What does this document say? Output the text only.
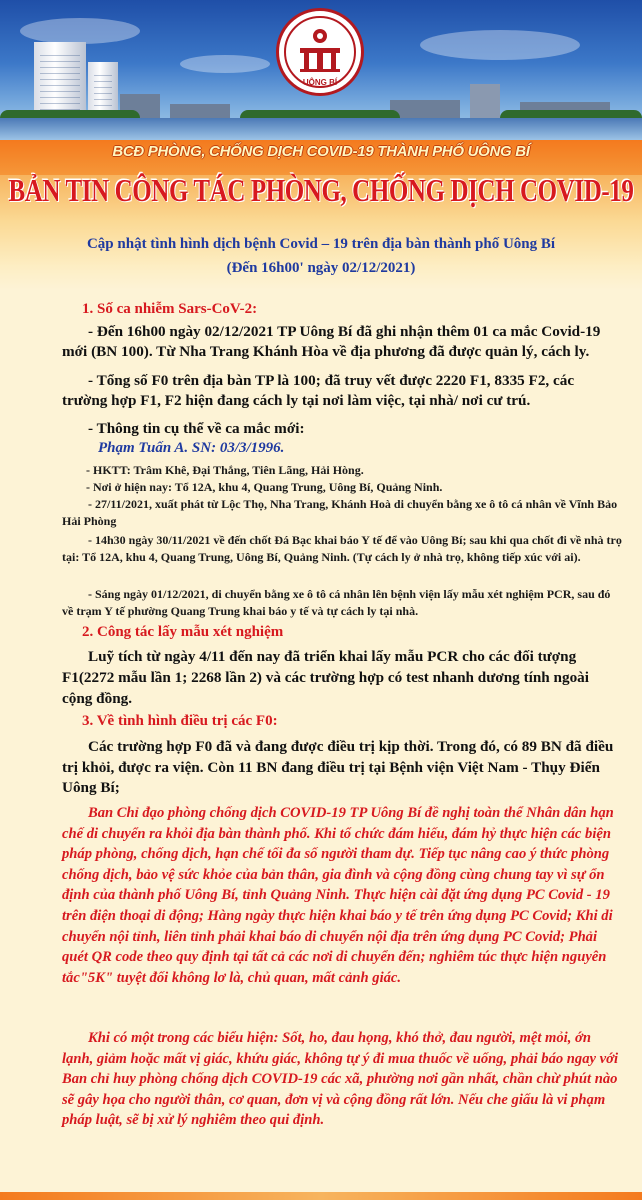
UÔNG BÍ
BCĐ PHÒNG, CHỐNG DỊCH COVID-19 THÀNH PHỐ UÔNG BÍ
BẢN TIN CÔNG TÁC PHÒNG, CHỐNG DỊCH COVID-19
Cập nhật tình hình dịch bệnh Covid – 19 trên địa bàn thành phố Uông Bí
(Đến 16h00' ngày 02/12/2021)
1. Số ca nhiễm Sars-CoV-2:

- Đến 16h00 ngày 02/12/2021 TP Uông Bí đã ghi nhận thêm 01 ca mắc Covid-19 mới (BN 100). Từ Nha Trang Khánh Hòa về địa phương đã được quản lý, cách ly.

- Tổng số F0 trên địa bàn TP là 100; đã truy vết được 2220 F1, 8335 F2, các trường hợp F1, F2 hiện đang cách ly tại nơi làm việc, tại nhà/ nơi cư trú.

- Thông tin cụ thể về ca mắc mới:

Phạm Tuấn A. SN: 03/3/1996.

- HKTT: Trâm Khê, Đại Thắng, Tiên Lãng, Hải Hòng.

- Nơi ở hiện nay: Tổ 12A, khu 4, Quang Trung, Uông Bí, Quảng Ninh.

- 27/11/2021, xuất phát từ Lộc Thọ, Nha Trang, Khánh Hoà di chuyển bằng xe ô tô cá nhân về Vĩnh Bảo Hải Phòng

- 14h30 ngày 30/11/2021 về đến chốt Đá Bạc khai báo Y tế để vào Uông Bí; sau khi qua chốt đi về nhà trọ tại: Tổ 12A, khu 4, Quang Trung, Uông Bí, Quảng Ninh. (Tự cách ly ở nhà trọ, không tiếp xúc với ai).

- Sáng ngày 01/12/2021, di chuyển bằng xe ô tô cá nhân lên bệnh viện lấy mẫu xét nghiệm PCR, sau đó về trạm Y tế phường Quang Trung khai báo y tế và tự cách ly tại nhà.

2. Công tác lấy mẫu xét nghiệm

Luỹ tích từ ngày 4/11 đến nay đã triển khai lấy mẫu PCR cho các đối tượng F1(2272 mẫu lần 1; 2268 lần 2) và các trường hợp có test nhanh dương tính ngoài cộng đồng.

3. Về tình hình điều trị các F0:

Các trường hợp F0 đã và đang được điều trị kịp thời. Trong đó, có 89 BN đã điều trị khỏi, được ra viện. Còn 11 BN đang điều trị tại Bệnh viện Việt Nam - Thụy Điển Uông Bí;

Ban Chỉ đạo phòng chống dịch COVID-19 TP Uông Bí đề nghị toàn thể Nhân dân hạn chế di chuyển ra khỏi địa bàn thành phố. Khi tổ chức đám hiếu, đám hỷ thực hiện các biện pháp phòng, chống dịch, hạn chế tối đa số người tham dự. Tiếp tục nâng cao ý thức phòng chống dịch, bảo vệ sức khỏe của bản thân, gia đình và cộng đồng cùng chung tay vì sự ổn định của thành phố Uông Bí, tỉnh Quảng Ninh. Thực hiện cài đặt ứng dụng PC Covid - 19 trên điện thoại di động; Hàng ngày thực hiện khai báo y tế trên ứng dụng PC Covid; Khi di chuyển nội tỉnh, liên tỉnh phải khai báo di chuyển nội địa trên ứng dụng PC Covid; Phải quét QR code theo quy định tại tất cả các nơi di chuyển đến; nghiêm túc thực hiện nguyên tắc"5K" tuyệt đối không lơ là, chủ quan, mất cảnh giác.

Khi có một trong các biểu hiện: Sốt, ho, đau họng, khó thở, đau người, mệt mỏi, ớn lạnh, giảm hoặc mất vị giác, khứu giác, không tự ý đi mua thuốc về uống, phải báo ngay với Ban chỉ huy phòng chống dịch COVID-19 các xã, phường nơi gần nhất, chần chừ phút nào sẽ gây họa cho người thân, cơ quan, đơn vị và cộng đồng rất lớn. Nếu che giấu là vi phạm pháp luật, sẽ bị xử lý nghiêm theo qui định.
